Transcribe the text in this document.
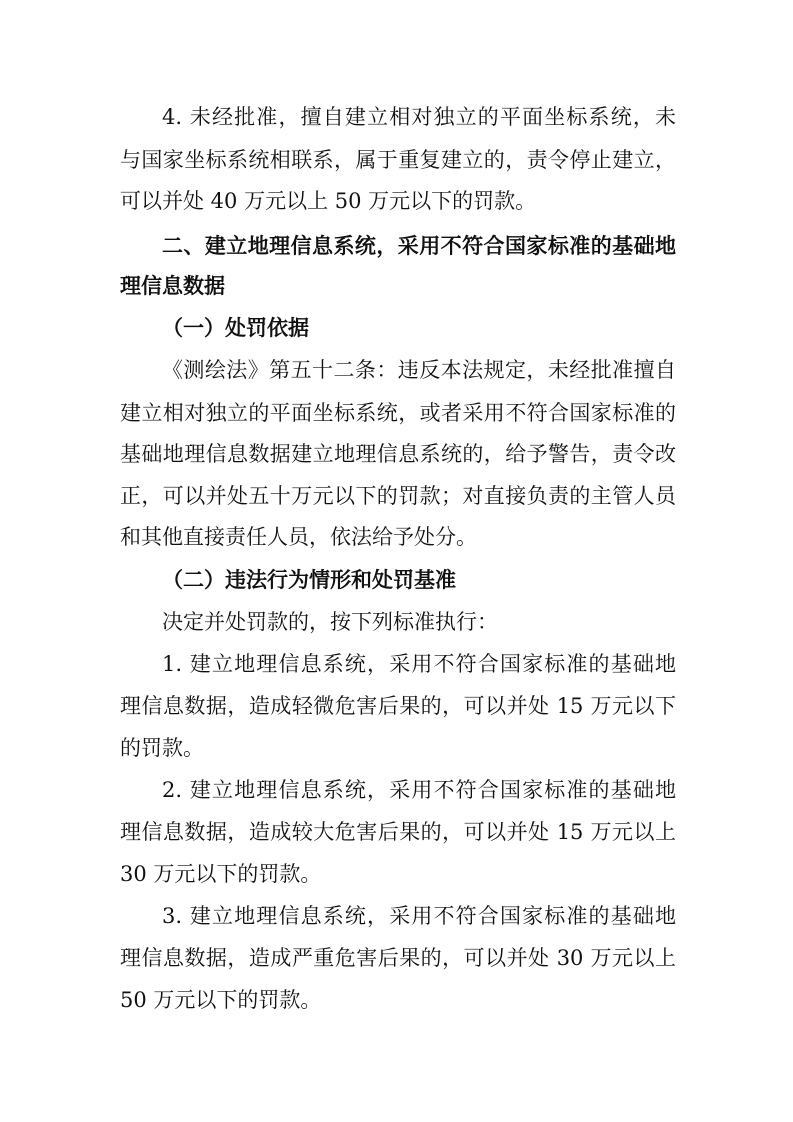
4. 未经批准，擅自建立相对独立的平面坐标系统，未
与国家坐标系统相联系，属于重复建立的，责令停止建立，
可以并处 40 万元以上 50 万元以下的罚款。
二、建立地理信息系统，采用不符合国家标准的基础地
理信息数据
（一）处罚依据
《测绘法》第五十二条：违反本法规定，未经批准擅自
建立相对独立的平面坐标系统，或者采用不符合国家标准的
基础地理信息数据建立地理信息系统的，给予警告，责令改
正，可以并处五十万元以下的罚款；对直接负责的主管人员
和其他直接责任人员，依法给予处分。
（二）违法行为情形和处罚基准
决定并处罚款的，按下列标准执行：
1. 建立地理信息系统，采用不符合国家标准的基础地
理信息数据，造成轻微危害后果的，可以并处 15 万元以下
的罚款。
2. 建立地理信息系统，采用不符合国家标准的基础地
理信息数据，造成较大危害后果的，可以并处 15 万元以上
30 万元以下的罚款。
3. 建立地理信息系统，采用不符合国家标准的基础地
理信息数据，造成严重危害后果的，可以并处 30 万元以上
50 万元以下的罚款。
